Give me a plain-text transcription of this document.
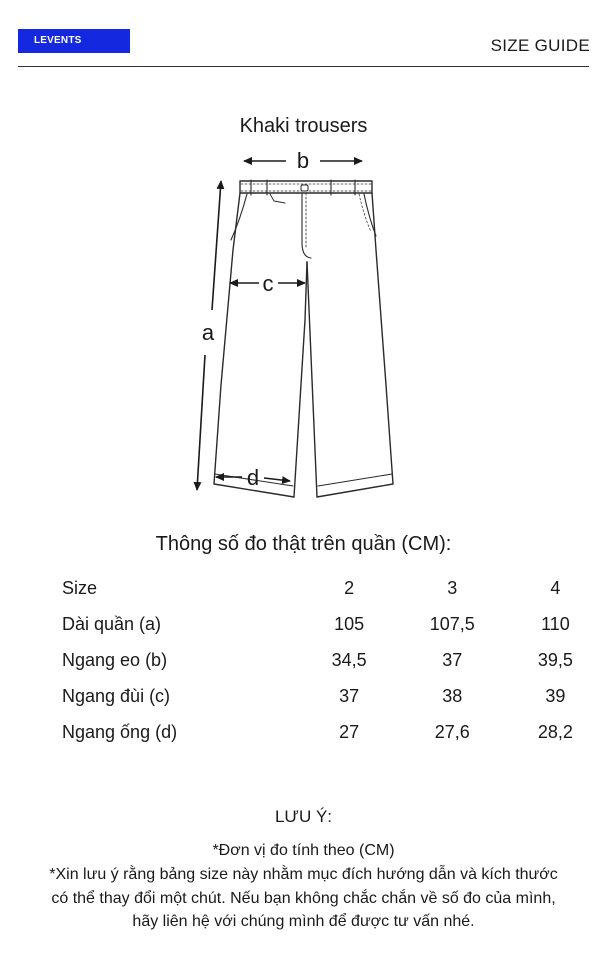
LEVENTS	SIZE GUIDE
Khaki trousers
b
a
c
d
Thông số đo thật trên quần (CM):
Size	2	3	4
Dài quần (a)	105	107,5	110
Ngang eo (b)	34,5	37	39,5
Ngang đùi (c)	37	38	39
Ngang ống (d)	27	27,6	28,2
LƯU Ý:
*Đơn vị đo tính theo (CM)
*Xin lưu ý rằng bảng size này nhằm mục đích hướng dẫn và kích thước có thể thay đổi một chút. Nếu bạn không chắc chắn về số đo của mình, hãy liên hệ với chúng mình để được tư vấn nhé.
